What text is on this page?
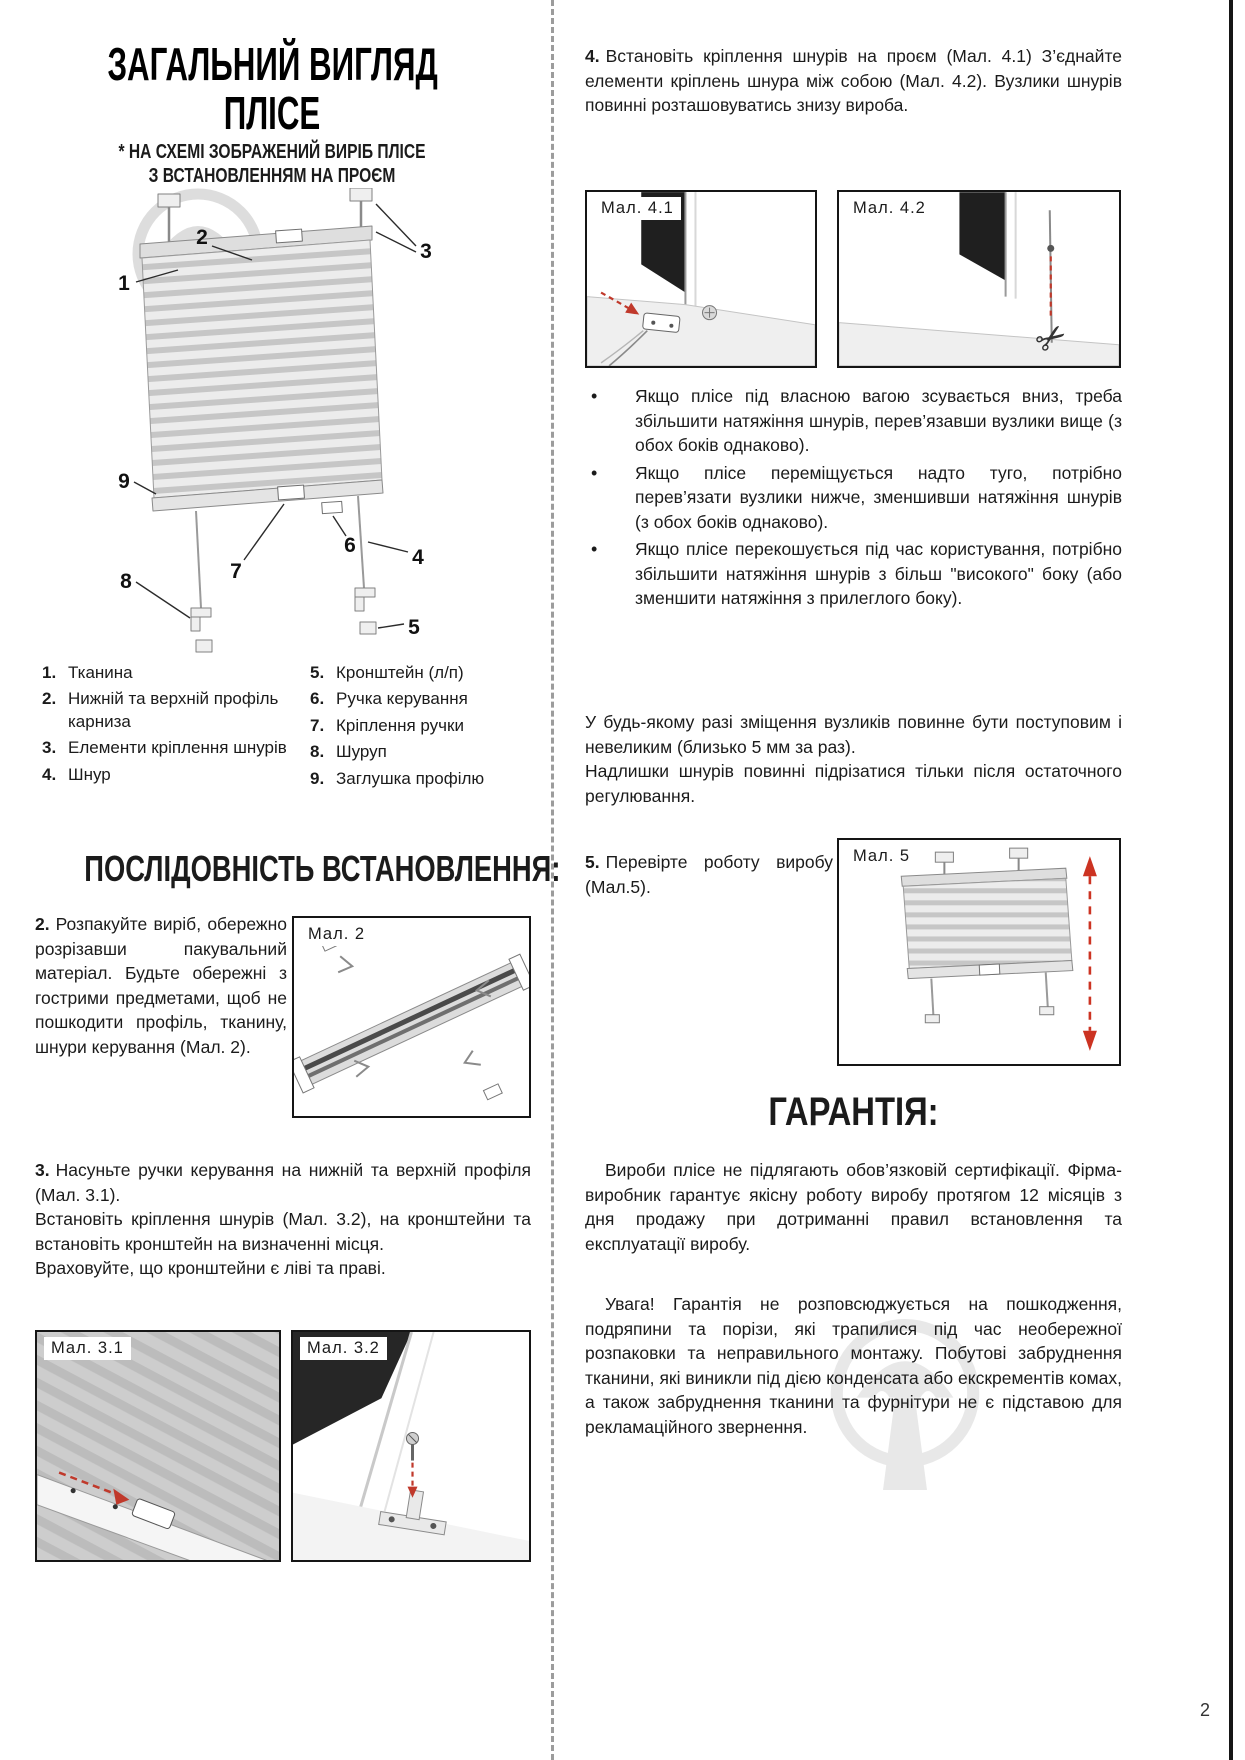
2
ЗАГАЛЬНИЙ ВИГЛЯД
ПЛІСЕ
* НА СХЕМІ ЗОБРАЖЕНИЙ ВИРІБ ПЛІСЕ
З ВСТАНОВЛЕННЯМ НА ПРОЄМ
1
2
3
4
5
6
7
8
9
1. Тканина
2. Нижній та верхній профіль карниза
3. Елементи кріплення шнурів
4. Шнур
5. Кронштейн (л/п)
6. Ручка керування
7. Кріплення ручки
8. Шуруп
9. Заглушка профілю
ПОСЛІДОВНІСТЬ ВСТАНОВЛЕННЯ:

2. Розпакуйте виріб, обережно розрізавши пакувальний матеріал. Будьте обережні з гострими предметами, щоб не пошкодити профіль, тканину, шнури керування (Мал. 2).

Мал. 2

3. Насуньте ручки керування на нижній та верхній профіля (Мал. 3.1).

Встановіть кріплення шнурів (Мал. 3.2), на кронштейни та встановіть кронштейн на визначенні місця.

Враховуйте, що кронштейни є ліві та праві.

Мал. 3.1	Мал. 3.2

4. Встановіть кріплення шнурів на проєм (Мал. 4.1) З’єднайте елементи кріплень шнура між собою (Мал. 4.2). Вузлики шнурів повинні розташовуватись знизу вироба.

Мал. 4.1	Мал. 4.2
✂
•	Якщо плісе під власною вагою зсувається вниз, треба збільшити натяжіння шнурів, перев’язавши вузлики вище (з обох боків однаково).
•	Якщо плісе переміщується надто туго, потрібно перев’язати вузлики нижче, зменшивши натяжіння шнурів (з обох боків однаково).
•	Якщо плісе перекошується під час користування, потрібно збільшити натяжіння шнурів з більш "високого" боку (або зменшити натяжіння з прилеглого боку).

У будь-якому разі зміщення вузликів повинне бути поступовим і невеликим (близько 5 мм за раз).

Надлишки шнурів повинні підрізатися тільки після остаточного регулювання.

5. Перевірте роботу виробу (Мал.5).

Мал. 5
ГАРАНТІЯ:
Вироби плісе не підлягають обов’язковій сертифікації. Фірма-виробник гарантує якісну роботу виробу протягом 12 місяців з дня продажу при дотриманні правил встановлення та експлуатації виробу.
Увага! Гарантія не розповсюджується на пошкодження, подряпини та порізи, які трапилися під час необережної розпаковки та неправильного монтажу. Побутові забруднення тканини, які виникли під дією конденсата або екскрементів комах, а також забруднення тканини та фурнітури не є підставою для рекламаційного звернення.
